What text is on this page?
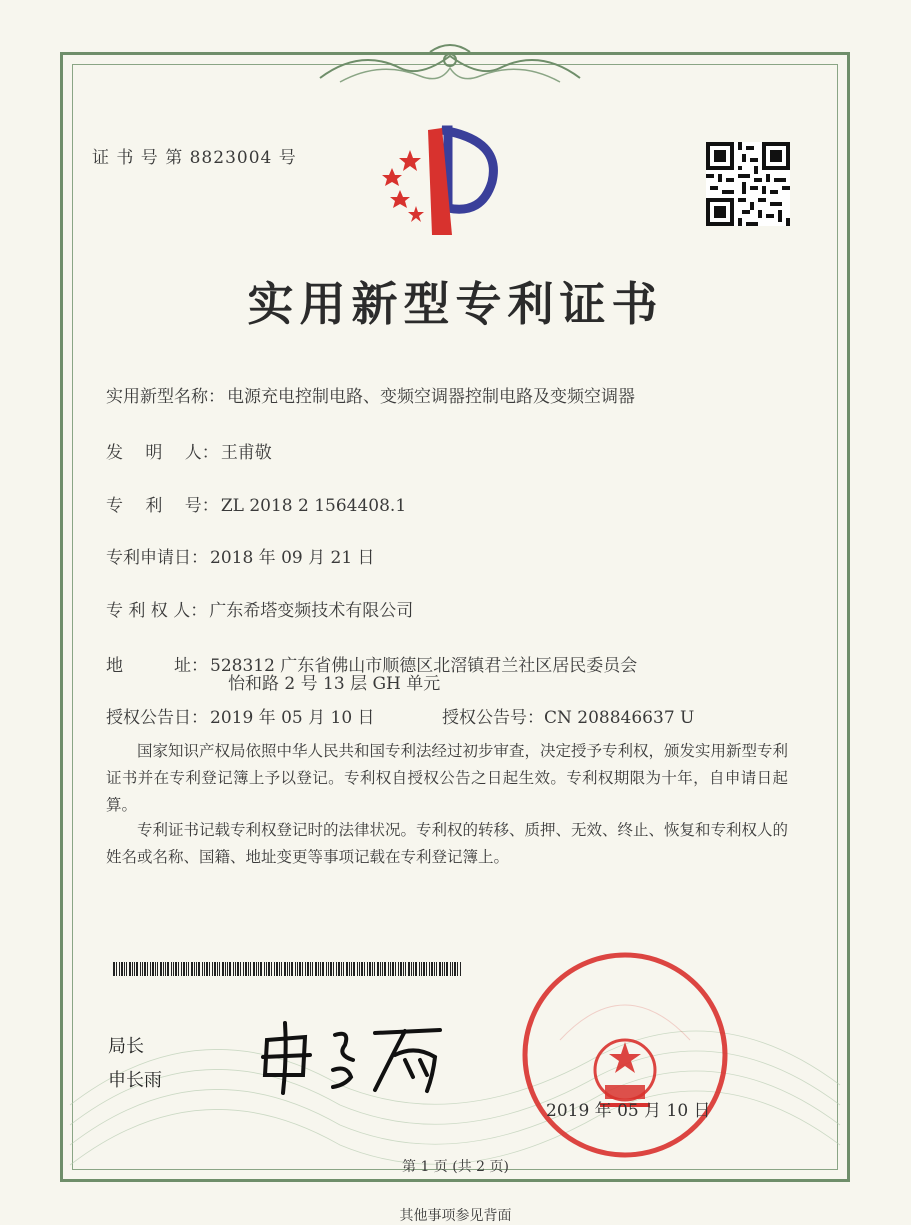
证 书 号 第 8823004 号
实用新型专利证书
实用新型名称： 电源充电控制电路、变频空调器控制电路及变频空调器
发　 明　 人： 王甫敬
专　 利　 号： ZL 2018 2 1564408.1
专利申请日： 2018 年 09 月 21 日
专 利 权 人： 广东希塔变频技术有限公司
地　　　址： 528312 广东省佛山市顺德区北滘镇君兰社区居民委员会
怡和路 2 号 13 层 GH 单元
授权公告日： 2019 年 05 月 10 日	授权公告号：CN 208846637 U
国家知识产权局依照中华人民共和国专利法经过初步审查，决定授予专利权，颁发实用新型专利证书并在专利登记簿上予以登记。专利权自授权公告之日起生效。专利权期限为十年，自申请日起算。
专利证书记载专利权登记时的法律状况。专利权的转移、质押、无效、终止、恢复和专利权人的姓名或名称、国籍、地址变更等事项记载在专利登记簿上。
局长
申长雨
2019 年 05 月 10 日
第 1 页 (共 2 页)
其他事项参见背面
